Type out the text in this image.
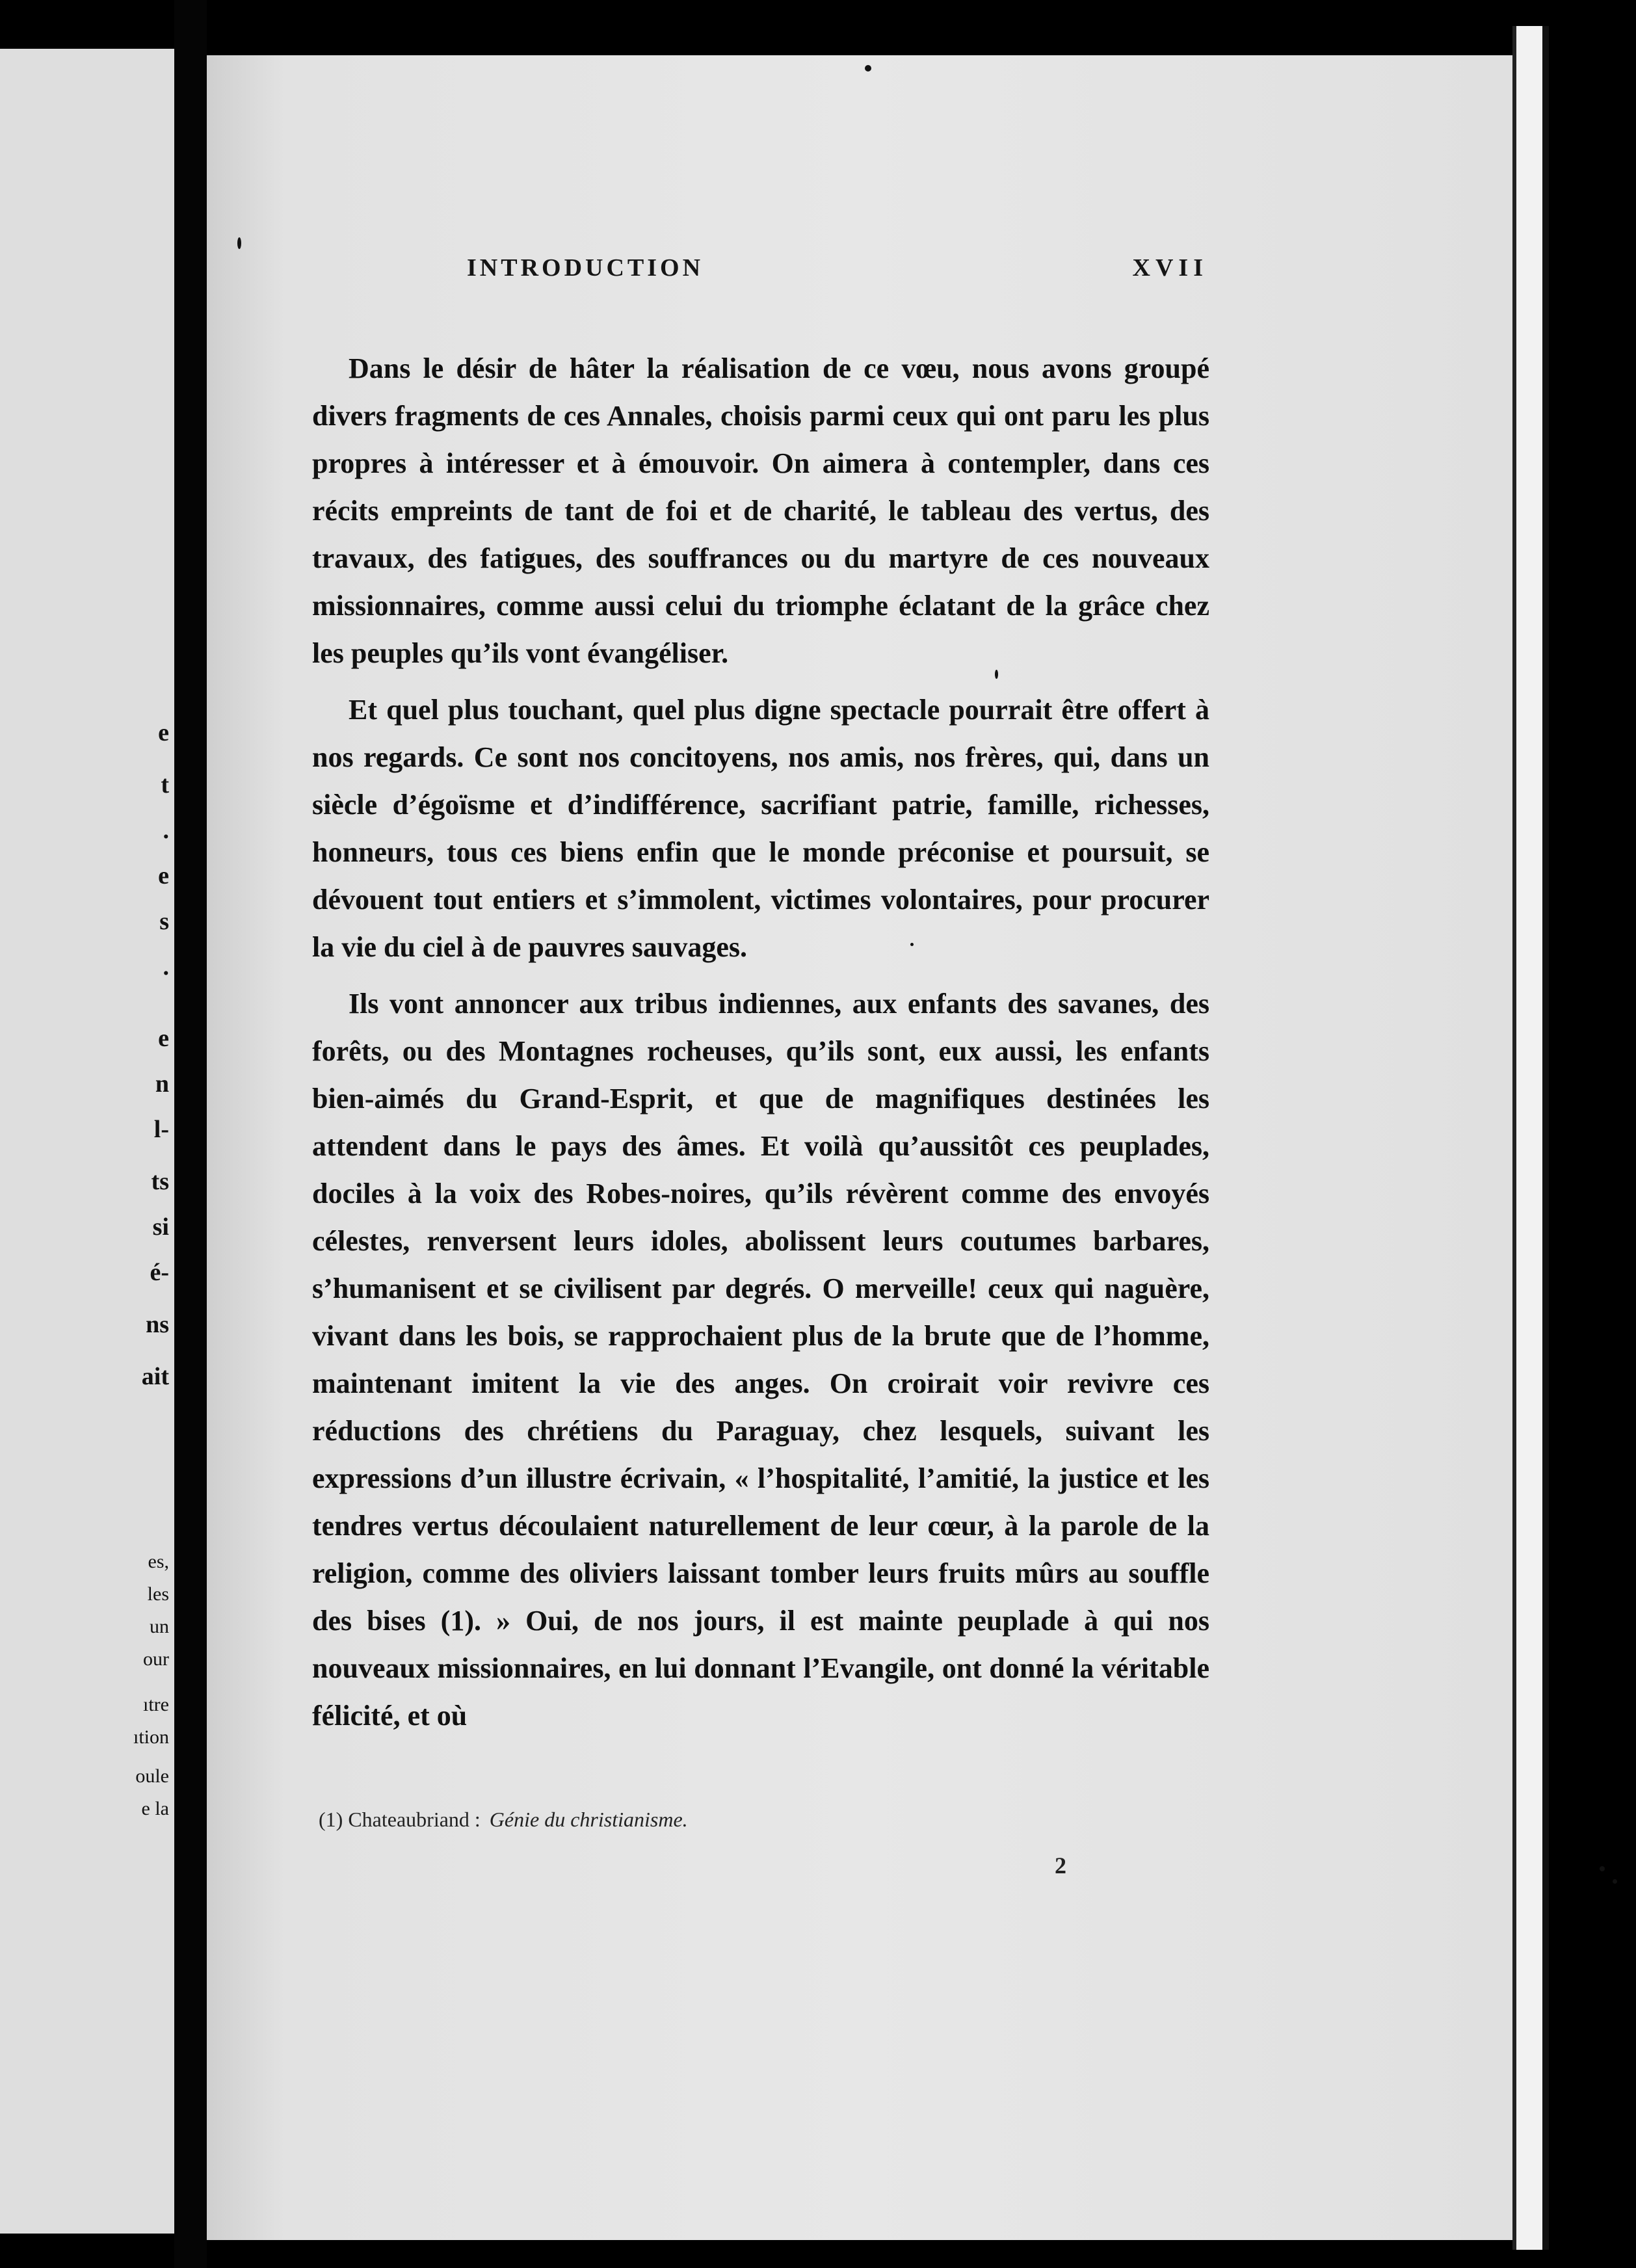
e
t
.
e
s
.
e
n
l-
ts
si
é-
ns
ait
es,
les
un
our
ıtre
ıtion
oule
e la
INTRODUCTION	XVII

Dans le désir de hâter la réalisation de ce vœu, nous avons groupé divers fragments de ces Annales, choisis parmi ceux qui ont paru les plus propres à intéresser et à émouvoir. On aimera à contempler, dans ces récits empreints de tant de foi et de charité, le tableau des vertus, des travaux, des fatigues, des souffrances ou du martyre de ces nouveaux missionnaires, comme aussi celui du triomphe éclatant de la grâce chez les peuples qu’ils vont évangéliser.

Et quel plus touchant, quel plus digne spectacle pourrait être offert à nos regards. Ce sont nos concitoyens, nos amis, nos frères, qui, dans un siècle d’égoïsme et d’indifférence, sacrifiant patrie, famille, richesses, honneurs, tous ces biens enfin que le monde préconise et poursuit, se dévouent tout entiers et s’immolent, victimes volontaires, pour procurer la vie du ciel à de pauvres sauvages.

Ils vont annoncer aux tribus indiennes, aux enfants des savanes, des forêts, ou des Montagnes rocheuses, qu’ils sont, eux aussi, les enfants bien-aimés du Grand-Esprit, et que de magnifiques destinées les attendent dans le pays des âmes. Et voilà qu’aussitôt ces peuplades, dociles à la voix des Robes-noires, qu’ils révèrent comme des envoyés célestes, renversent leurs idoles, abolissent leurs coutumes barbares, s’humanisent et se civilisent par degrés. O merveille! ceux qui naguère, vivant dans les bois, se rapprochaient plus de la brute que de l’homme, maintenant imitent la vie des anges. On croirait voir revivre ces réductions des chrétiens du Paraguay, chez lesquels, suivant les expressions d’un illustre écrivain, « l’hospitalité, l’amitié, la justice et les tendres vertus découlaient naturellement de leur cœur, à la parole de la religion, comme des oliviers laissant tomber leurs fruits mûrs au souffle des bises (1). » Oui, de nos jours, il est mainte peuplade à qui nos nouveaux missionnaires, en lui donnant l’Evangile, ont donné la véritable félicité, et où

(1) Chateaubriand : Génie du christianisme.
2
